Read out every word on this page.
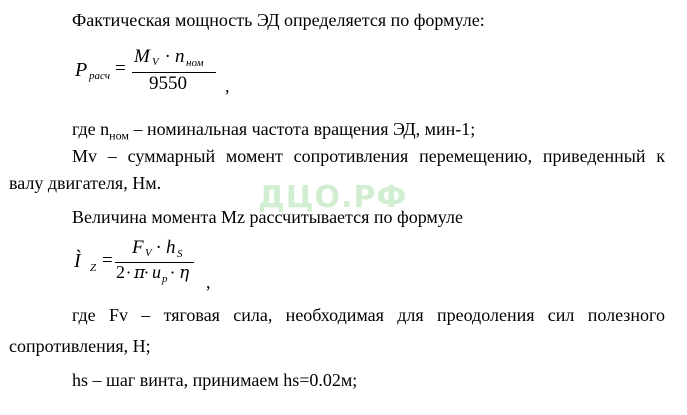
Фактическая мощность ЭД определяется по формуле:
P расч =
M V · n ном
9550 ,
где $n_{ном}$ – номинальная частота вращения ЭД, мин-1;
Mv – суммарный момент сопротивления перемещению, приведенный к
валу двигателя, Нм.
Величина момента Mz рассчитывается по формуле
Ì Z =
F V · h S
2 · π
· u p · η ,
где Fv – тяговая сила, необходимая для преодоления сил полезного
сопротивления, Н;
hs – шаг винта, принимаем hs=0.02м;
ДЦО.РФ
